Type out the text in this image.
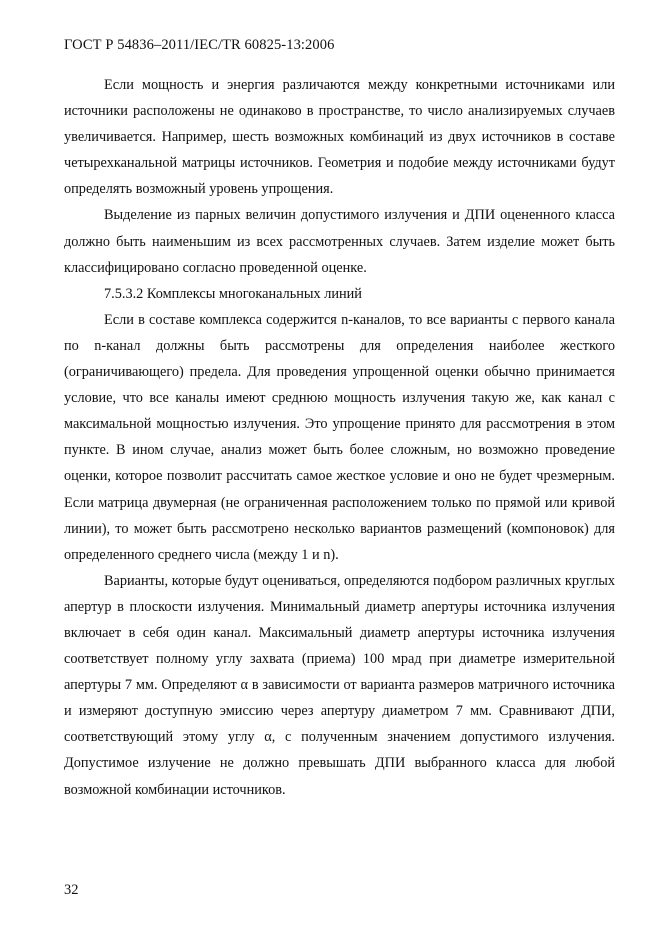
ГОСТ Р 54836–2011/IEC/TR 60825-13:2006

Если мощность и энергия различаются между конкретными источниками или источники расположены не одинаково в пространстве, то число анализируемых случаев увеличивается. Например, шесть возможных комбинаций из двух источников в составе четырехканальной матрицы источников. Геометрия и подобие между источниками будут определять возможный уровень упрощения.

Выделение из парных величин допустимого излучения и ДПИ оцененного класса должно быть наименьшим из всех рассмотренных случаев. Затем изделие может быть классифицировано согласно проведенной оценке.

7.5.3.2 Комплексы многоканальных линий

Если в составе комплекса содержится n-каналов, то все варианты с первого канала по n-канал должны быть рассмотрены для определения наиболее жесткого (ограничивающего) предела. Для проведения упрощенной оценки обычно принимается условие, что все каналы имеют среднюю мощность излучения такую же, как канал с максимальной мощностью излучения. Это упрощение принято для рассмотрения в этом пункте. В ином случае, анализ может быть более сложным, но возможно проведение оценки, которое позволит рассчитать самое жесткое условие и оно не будет чрезмерным. Если матрица двумерная (не ограниченная расположением только по прямой или кривой линии), то может быть рассмотрено несколько вариантов размещений (компоновок) для определенного среднего числа (между 1 и n).

Варианты, которые будут оцениваться, определяются подбором различных круглых апертур в плоскости излучения. Минимальный диаметр апертуры источника излучения включает в себя один канал. Максимальный диаметр апертуры источника излучения соответствует полному углу захвата (приема) 100 мрад при диаметре измерительной апертуры 7 мм. Определяют α в зависимости от варианта размеров матричного источника и измеряют доступную эмиссию через апертуру диаметром 7 мм. Сравнивают ДПИ, соответствующий этому углу α, с полученным значением допустимого излучения. Допустимое излучение не должно превышать ДПИ выбранного класса для любой возможной комбинации источников.

32
